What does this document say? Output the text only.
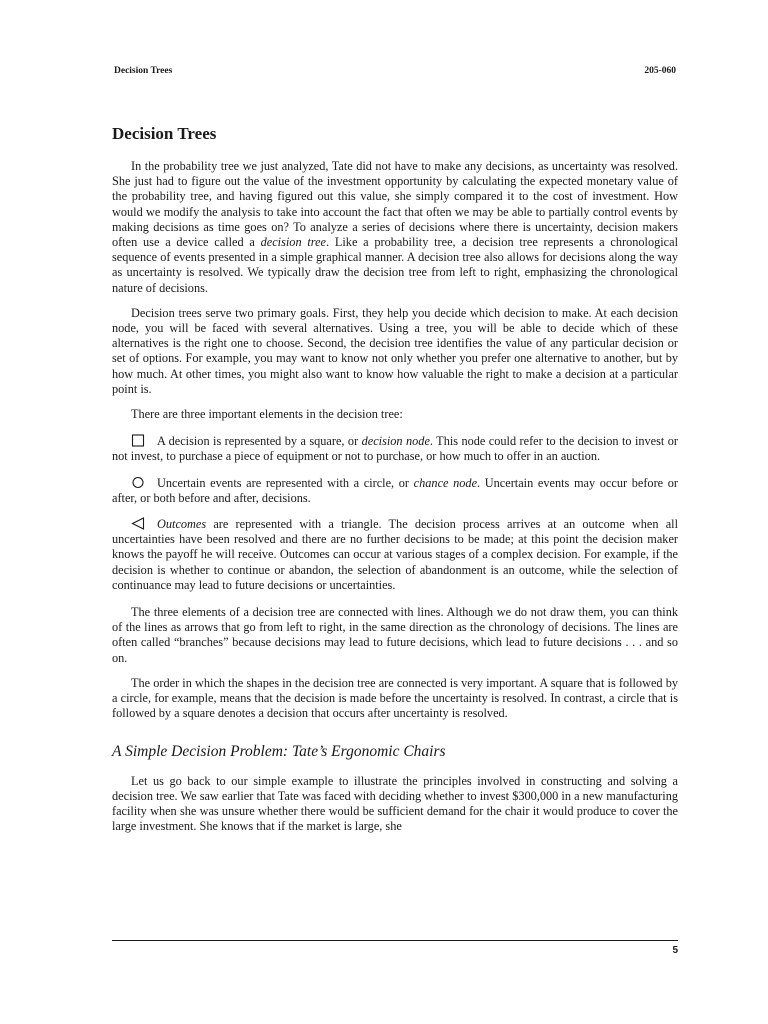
Decision Trees	205-060
Decision Trees

In the probability tree we just analyzed, Tate did not have to make any decisions, as uncertainty was resolved. She just had to figure out the value of the investment opportunity by calculating the expected monetary value of the probability tree, and having figured out this value, she simply compared it to the cost of investment. How would we modify the analysis to take into account the fact that often we may be able to partially control events by making decisions as time goes on? To analyze a series of decisions where there is uncertainty, decision makers often use a device called a decision tree. Like a probability tree, a decision tree represents a chronological sequence of events presented in a simple graphical manner. A decision tree also allows for decisions along the way as uncertainty is resolved. We typically draw the decision tree from left to right, emphasizing the chronological nature of decisions.

Decision trees serve two primary goals. First, they help you decide which decision to make. At each decision node, you will be faced with several alternatives. Using a tree, you will be able to decide which of these alternatives is the right one to choose. Second, the decision tree identifies the value of any particular decision or set of options. For example, you may want to know not only whether you prefer one alternative to another, but by how much. At other times, you might also want to know how valuable the right to make a decision at a particular point is.

There are three important elements in the decision tree:

A decision is represented by a square, or decision node. This node could refer to the decision to invest or not invest, to purchase a piece of equipment or not to purchase, or how much to offer in an auction.
Uncertain events are represented with a circle, or chance node. Uncertain events may occur before or after, or both before and after, decisions.
Outcomes are represented with a triangle. The decision process arrives at an outcome when all uncertainties have been resolved and there are no further decisions to be made; at this point the decision maker knows the payoff he will receive. Outcomes can occur at various stages of a complex decision. For example, if the decision is whether to continue or abandon, the selection of abandonment is an outcome, while the selection of continuance may lead to future decisions or uncertainties.

The three elements of a decision tree are connected with lines. Although we do not draw them, you can think of the lines as arrows that go from left to right, in the same direction as the chronology of decisions. The lines are often called “branches” because decisions may lead to future decisions, which lead to future decisions . . . and so on.

The order in which the shapes in the decision tree are connected is very important. A square that is followed by a circle, for example, means that the decision is made before the uncertainty is resolved. In contrast, a circle that is followed by a square denotes a decision that occurs after uncertainty is resolved.

A Simple Decision Problem: Tate’s Ergonomic Chairs

Let us go back to our simple example to illustrate the principles involved in constructing and solving a decision tree. We saw earlier that Tate was faced with deciding whether to invest $300,000 in a new manufacturing facility when she was unsure whether there would be sufficient demand for the chair it would produce to cover the large investment. She knows that if the market is large, she

5
